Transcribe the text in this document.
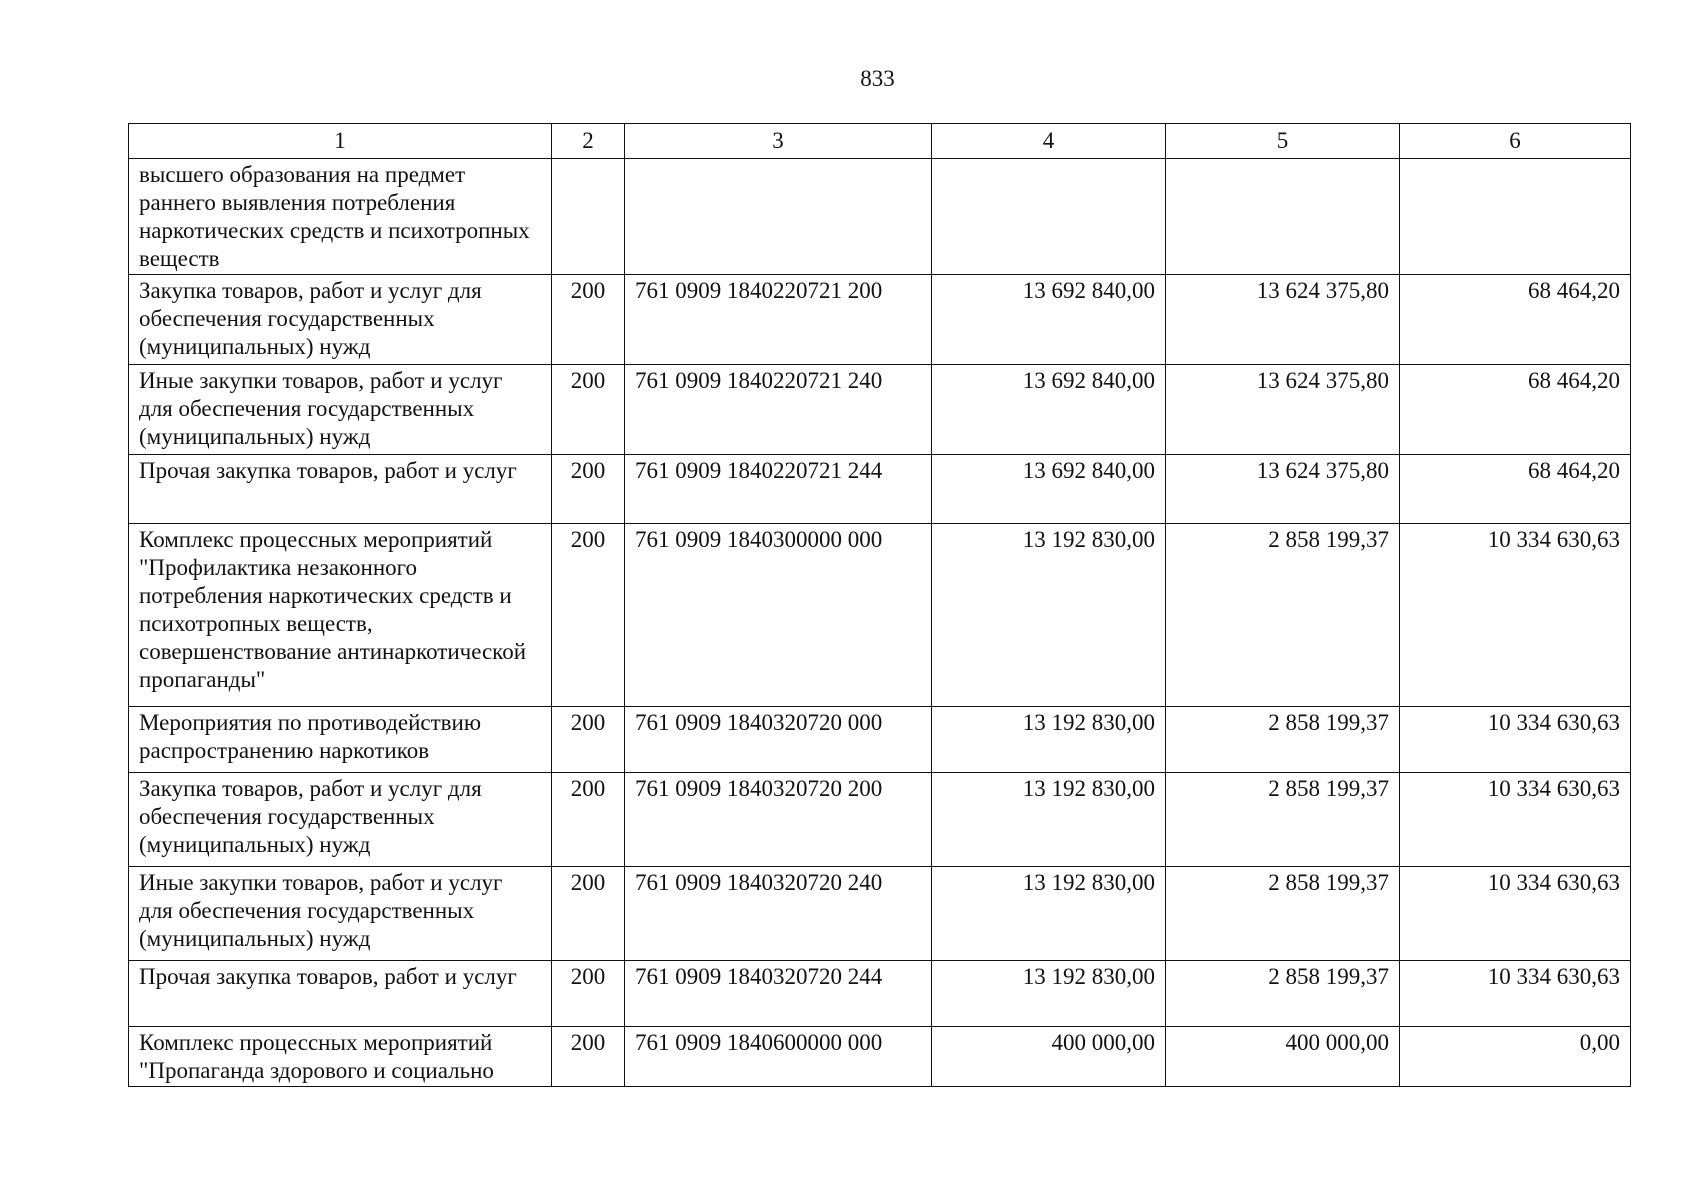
833
1	2	3	4	5	6
высшего образования на предмет раннего выявления потребления наркотических средств и психотропных веществ					
Закупка товаров, работ и услуг для обеспечения государственных (муниципальных) нужд	200	761 0909 1840220721 200	13 692 840,00	13 624 375,80	68 464,20
Иные закупки товаров, работ и услуг для обеспечения государственных (муниципальных) нужд	200	761 0909 1840220721 240	13 692 840,00	13 624 375,80	68 464,20
Прочая закупка товаров, работ и услуг	200	761 0909 1840220721 244	13 692 840,00	13 624 375,80	68 464,20
Комплекс процессных мероприятий "Профилактика незаконного потребления наркотических средств и психотропных веществ, совершенствование антинаркотической пропаганды"	200	761 0909 1840300000 000	13 192 830,00	2 858 199,37	10 334 630,63
Мероприятия по противодействию распространению наркотиков	200	761 0909 1840320720 000	13 192 830,00	2 858 199,37	10 334 630,63
Закупка товаров, работ и услуг для обеспечения государственных (муниципальных) нужд	200	761 0909 1840320720 200	13 192 830,00	2 858 199,37	10 334 630,63
Иные закупки товаров, работ и услуг для обеспечения государственных (муниципальных) нужд	200	761 0909 1840320720 240	13 192 830,00	2 858 199,37	10 334 630,63
Прочая закупка товаров, работ и услуг	200	761 0909 1840320720 244	13 192 830,00	2 858 199,37	10 334 630,63
Комплекс процессных мероприятий "Пропаганда здорового и социально	200	761 0909 1840600000 000	400 000,00	400 000,00	0,00
